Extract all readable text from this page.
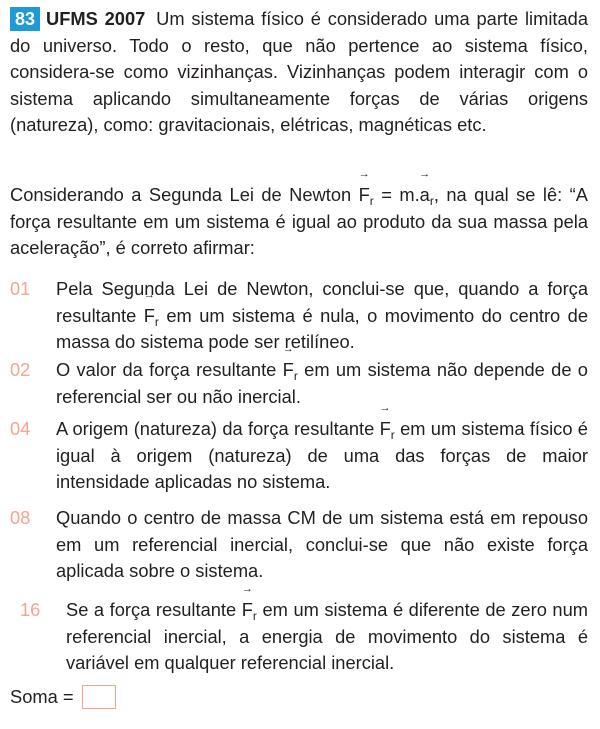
83 UFMS 2007 Um sistema físico é considerado uma parte limitada do universo. Todo o resto, que não pertence ao sistema físico, considera-se como vizinhanças. Vizinhanças podem interagir com o sistema aplicando simultaneamente forças de várias origens (natureza), como: gravitacionais, elétricas, magnéticas etc.

Considerando a Segunda Lei de Newton → $F_r = m.\to a_r$, na qual se lê: “A força resultante em um sistema é igual ao produto da sua massa pela aceleração”, é correto afirmar:

01	Pela Segunda Lei de Newton, conclui-se que, quando a força resultante → $F_r$ em um sistema é nula, o movimento do centro de massa do sistema pode ser retilíneo.
02	O valor da força resultante → $F_r$ em um sistema não depende de o referencial ser ou não inercial.
04	A origem (natureza) da força resultante → $F_r$ em um sistema físico é igual à origem (natureza) de uma das forças de maior intensidade aplicadas no sistema.
08	Quando o centro de massa CM de um sistema está em repouso em um referencial inercial, conclui-se que não existe força aplicada sobre o sistema.
16	Se a força resultante → $F_r$ em um sistema é diferente de zero num referencial inercial, a energia de movimento do sistema é variável em qualquer referencial inercial.
Soma =
